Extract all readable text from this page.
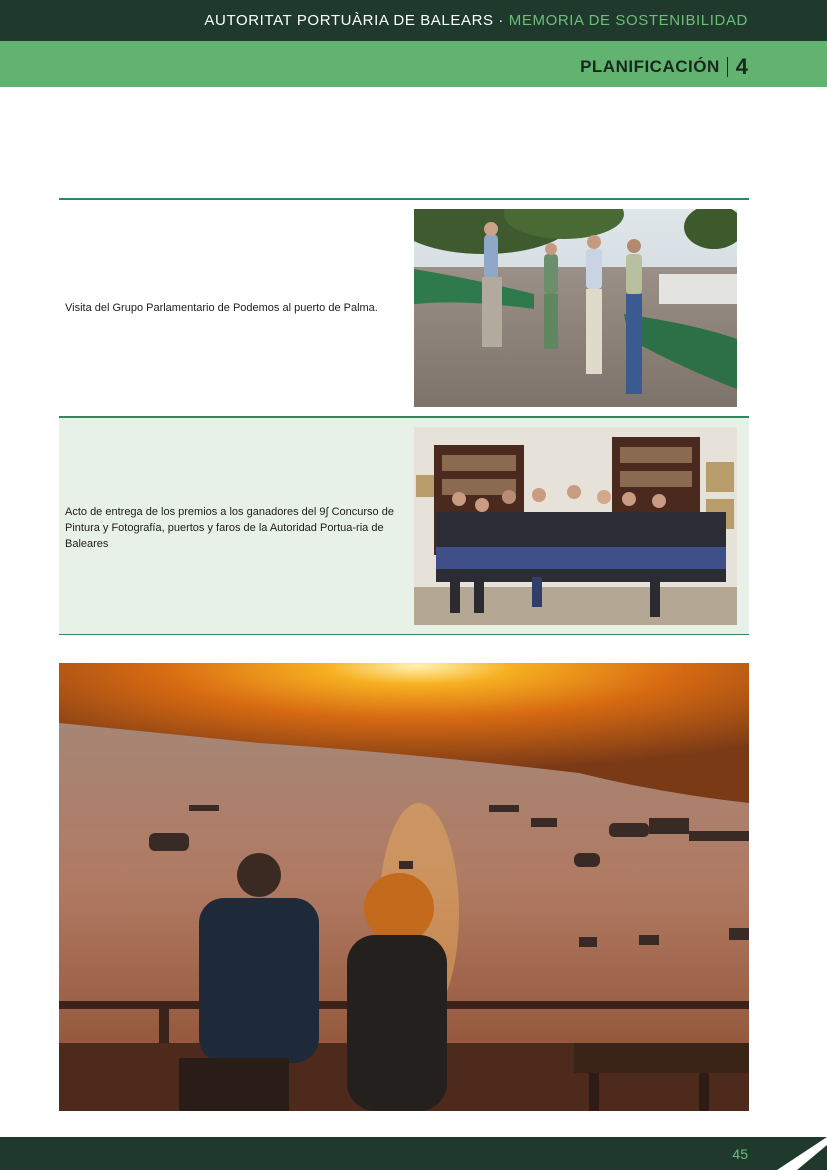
AUTORITAT PORTUÀRIA DE BALEARS · MEMORIA DE SOSTENIBILIDAD
PLANIFICACIÓN 4
Visita del Grupo Parlamentario de Podemos al puerto de Palma.
Acto de entrega de los premios a los ganadores del 9∫ Concurso de Pintura y Fotografía, puertos y faros de la Autoridad Portua-ria de Baleares
45
